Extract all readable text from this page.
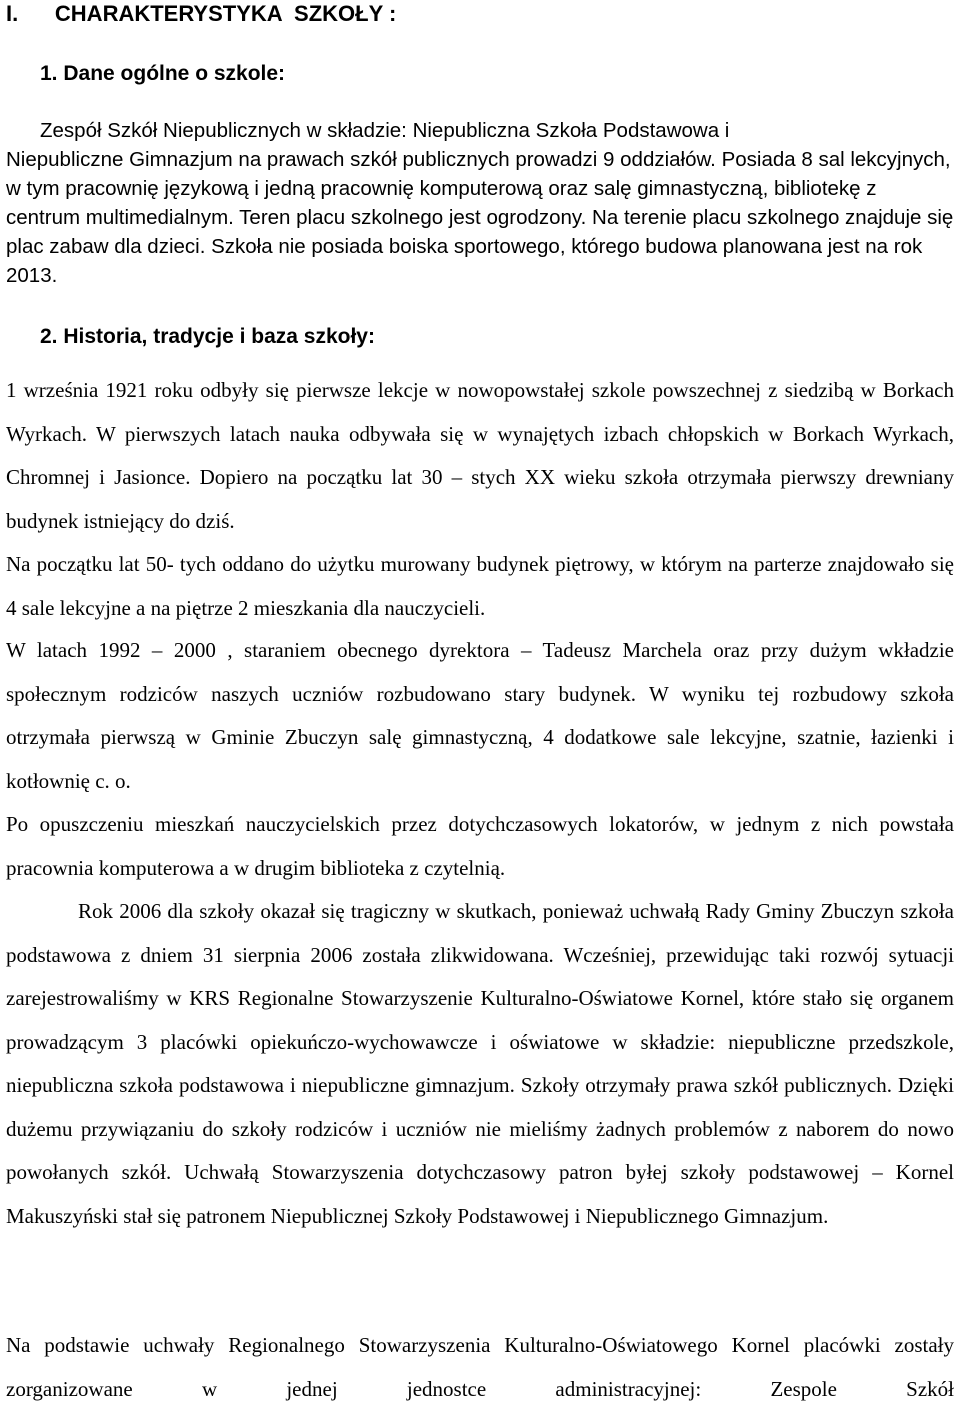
I.	CHARAKTERYSTYKA  SZKOŁY :
1. Dane ogólne o szkole:

Zespół Szkół Niepublicznych w składzie: Niepubliczna Szkoła Podstawowa i
Niepubliczne Gimnazjum na prawach szkół publicznych prowadzi 9 oddziałów. Posiada 8 sal lekcyjnych, w tym pracownię językową i jedną pracownię komputerową oraz salę gimnastyczną, bibliotekę z centrum multimedialnym. Teren placu szkolnego jest ogrodzony. Na terenie placu szkolnego znajduje się plac zabaw dla dzieci. Szkoła nie posiada boiska sportowego, którego budowa planowana jest na rok 2013.

2. Historia, tradycje i baza szkoły:

1 września 1921 roku odbyły się pierwsze lekcje w nowopowstałej szkole powszechnej z siedzibą w Borkach Wyrkach. W pierwszych latach nauka odbywała się w wynajętych izbach chłopskich w Borkach Wyrkach, Chromnej i Jasionce. Dopiero na początku lat 30 – stych XX wieku szkoła otrzymała pierwszy drewniany budynek istniejący do dziś.

Na początku lat 50- tych oddano do użytku murowany budynek piętrowy, w którym na parterze znajdowało się 4 sale lekcyjne a na piętrze 2 mieszkania dla nauczycieli.

W latach 1992 – 2000 , staraniem obecnego dyrektora – Tadeusz Marchela oraz przy dużym wkładzie społecznym rodziców naszych uczniów rozbudowano stary budynek. W wyniku tej rozbudowy szkoła otrzymała pierwszą w Gminie Zbuczyn salę gimnastyczną, 4 dodatkowe sale lekcyjne, szatnie, łazienki i kotłownię c. o.

Po opuszczeniu mieszkań nauczycielskich przez dotychczasowych lokatorów, w jednym z nich powstała pracownia komputerowa a w drugim biblioteka z czytelnią.

Rok 2006 dla szkoły okazał się tragiczny w skutkach, ponieważ uchwałą Rady Gminy Zbuczyn szkoła podstawowa z dniem 31 sierpnia 2006 została zlikwidowana. Wcześniej, przewidując taki rozwój sytuacji zarejestrowaliśmy w KRS Regionalne Stowarzyszenie Kulturalno-Oświatowe Kornel, które stało się organem prowadzącym 3 placówki opiekuńczo-wychowawcze i oświatowe w składzie: niepubliczne przedszkole, niepubliczna szkoła podstawowa i niepubliczne gimnazjum. Szkoły otrzymały prawa szkół publicznych. Dzięki dużemu przywiązaniu do szkoły rodziców i uczniów nie mieliśmy żadnych problemów z naborem do nowo powołanych szkół. Uchwałą Stowarzyszenia dotychczasowy patron byłej szkoły podstawowej – Kornel Makuszyński stał się patronem Niepublicznej Szkoły Podstawowej i Niepublicznego Gimnazjum.

Na podstawie uchwały Regionalnego Stowarzyszenia Kulturalno-Oświatowego Kornel placówki zostały zorganizowane w jednej jednostce administracyjnej: Zespole Szkół
